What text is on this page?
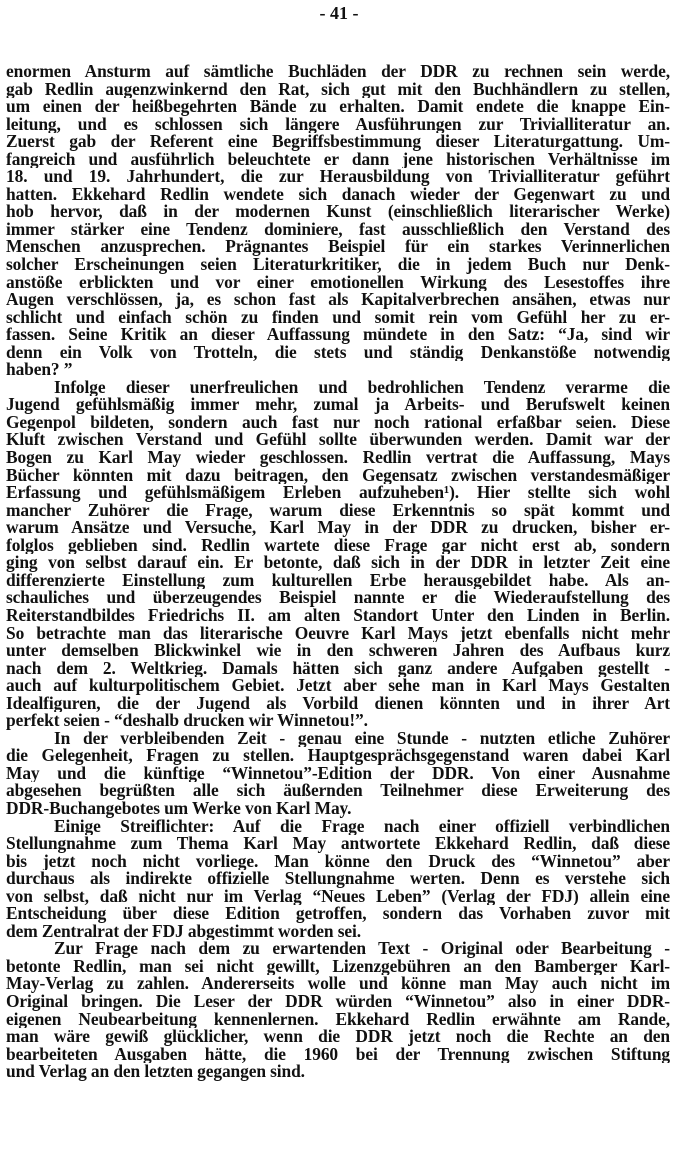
- 41 -

enormen Ansturm auf sämtliche Buchläden der DDR zu rechnen sein werde,
gab Redlin augenzwinkernd den Rat, sich gut mit den Buchhändlern zu stellen,
um einen der heißbegehrten Bände zu erhalten. Damit endete die knappe Ein-
leitung, und es schlossen sich längere Ausführungen zur Trivialliteratur an.
Zuerst gab der Referent eine Begriffsbestimmung dieser Literaturgattung. Um-
fangreich und ausführlich beleuchtete er dann jene historischen Verhältnisse im
18. und 19. Jahrhundert, die zur Herausbildung von Trivialliteratur geführt
hatten. Ekkehard Redlin wendete sich danach wieder der Gegenwart zu und
hob hervor, daß in der modernen Kunst (einschließlich literarischer Werke)
immer stärker eine Tendenz dominiere, fast ausschließlich den Verstand des
Menschen anzusprechen. Prägnantes Beispiel für ein starkes Verinnerlichen
solcher Erscheinungen seien Literaturkritiker, die in jedem Buch nur Denk-
anstöße erblickten und vor einer emotionellen Wirkung des Lesestoffes ihre
Augen verschlössen, ja, es schon fast als Kapitalverbrechen ansähen, etwas nur
schlicht und einfach schön zu finden und somit rein vom Gefühl her zu er-
fassen. Seine Kritik an dieser Auffassung mündete in den Satz: “Ja, sind wir
denn ein Volk von Trotteln, die stets und ständig Denkanstöße notwendig
haben? ”

Infolge dieser unerfreulichen und bedrohlichen Tendenz verarme die
Jugend gefühlsmäßig immer mehr, zumal ja Arbeits- und Berufswelt keinen
Gegenpol bildeten, sondern auch fast nur noch rational erfaßbar seien. Diese
Kluft zwischen Verstand und Gefühl sollte überwunden werden. Damit war der
Bogen zu Karl May wieder geschlossen. Redlin vertrat die Auffassung, Mays
Bücher könnten mit dazu beitragen, den Gegensatz zwischen verstandesmäßiger
Erfassung und gefühlsmäßigem Erleben aufzuheben¹). Hier stellte sich wohl
mancher Zuhörer die Frage, warum diese Erkenntnis so spät kommt und
warum Ansätze und Versuche, Karl May in der DDR zu drucken, bisher er-
folglos geblieben sind. Redlin wartete diese Frage gar nicht erst ab, sondern
ging von selbst darauf ein. Er betonte, daß sich in der DDR in letzter Zeit eine
differenzierte Einstellung zum kulturellen Erbe herausgebildet habe. Als an-
schauliches und überzeugendes Beispiel nannte er die Wiederaufstellung des
Reiterstandbildes Friedrichs II. am alten Standort Unter den Linden in Berlin.
So betrachte man das literarische Oeuvre Karl Mays jetzt ebenfalls nicht mehr
unter demselben Blickwinkel wie in den schweren Jahren des Aufbaus kurz
nach dem 2. Weltkrieg. Damals hätten sich ganz andere Aufgaben gestellt -
auch auf kulturpolitischem Gebiet. Jetzt aber sehe man in Karl Mays Gestalten
Idealfiguren, die der Jugend als Vorbild dienen könnten und in ihrer Art
perfekt seien - “deshalb drucken wir Winnetou!”.

In der verbleibenden Zeit - genau eine Stunde - nutzten etliche Zuhörer
die Gelegenheit, Fragen zu stellen. Hauptgesprächsgegenstand waren dabei Karl
May und die künftige “Winnetou”-Edition der DDR. Von einer Ausnahme
abgesehen begrüßten alle sich äußernden Teilnehmer diese Erweiterung des
DDR-Buchangebotes um Werke von Karl May.

Einige Streiflichter: Auf die Frage nach einer offiziell verbindlichen
Stellungnahme zum Thema Karl May antwortete Ekkehard Redlin, daß diese
bis jetzt noch nicht vorliege. Man könne den Druck des “Winnetou” aber
durchaus als indirekte offizielle Stellungnahme werten. Denn es verstehe sich
von selbst, daß nicht nur im Verlag “Neues Leben” (Verlag der FDJ) allein eine
Entscheidung über diese Edition getroffen, sondern das Vorhaben zuvor mit
dem Zentralrat der FDJ abgestimmt worden sei.

Zur Frage nach dem zu erwartenden Text - Original oder Bearbeitung -
betonte Redlin, man sei nicht gewillt, Lizenzgebühren an den Bamberger Karl-
May-Verlag zu zahlen. Andererseits wolle und könne man May auch nicht im
Original bringen. Die Leser der DDR würden “Winnetou” also in einer DDR-
eigenen Neubearbeitung kennenlernen. Ekkehard Redlin erwähnte am Rande,
man wäre gewiß glücklicher, wenn die DDR jetzt noch die Rechte an den
bearbeiteten Ausgaben hätte, die 1960 bei der Trennung zwischen Stiftung
und Verlag an den letzten gegangen sind.
